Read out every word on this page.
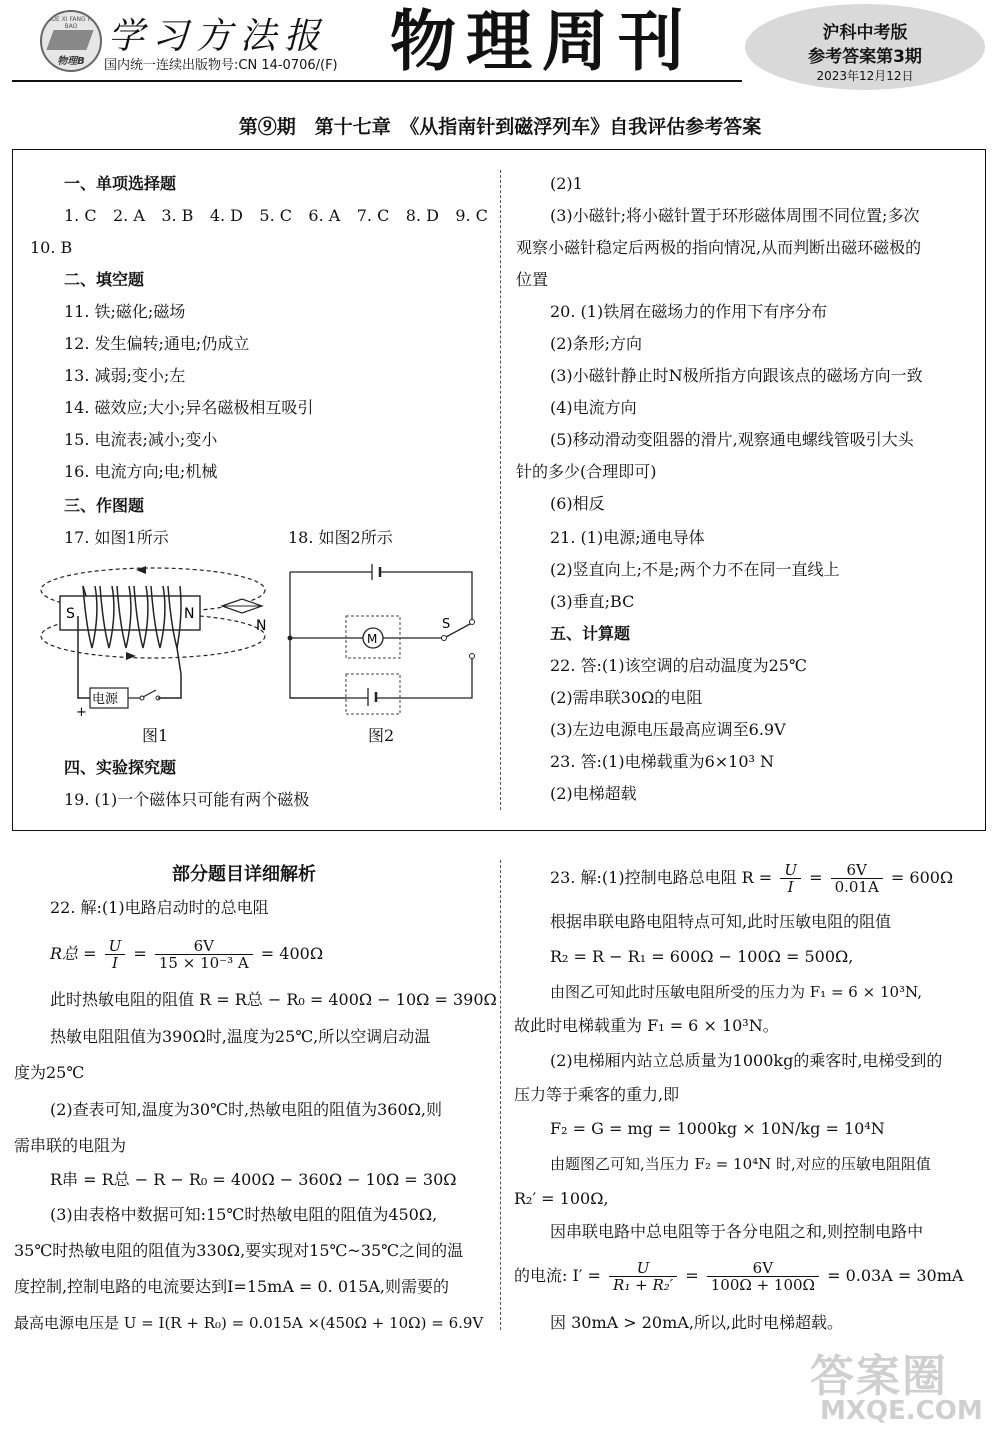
XUE XI FANG FA BAO
物理B
学习方法报
国内统一连续出版物号:CN 14-0706/(F) 物理周刊	沪科中考版
参考答案第3期
2023年12月12日
第⑨期　第十七章　《从指南针到磁浮列车》自我评估参考答案
一、单项选择题
1. C 2. A 3. B 4. D 5. C 6. A 7. C 8. D 9. C
10. B
二、填空题
11. 铁;磁化;磁场
12. 发生偏转;通电;仍成立
13. 减弱;变小;左
14. 磁效应;大小;异名磁极相互吸引
15. 电流表;减小;变小
16. 电流方向;电;机械
三、作图题
17. 如图1所示	18. 如图2所示
S	N
电源
+
N
图1
M
S
图2
四、实验探究题
19. (1)一个磁体只可能有两个磁极
(2)1
(3)小磁针;将小磁针置于环形磁体周围不同位置;多次
观察小磁针稳定后两极的指向情况,从而判断出磁环磁极的
位置
20. (1)铁屑在磁场力的作用下有序分布
(2)条形;方向
(3)小磁针静止时N极所指方向跟该点的磁场方向一致
(4)电流方向
(5)移动滑动变阻器的滑片,观察通电螺线管吸引大头
针的多少(合理即可)
(6)相反
21. (1)电源;通电导体
(2)竖直向上;不是;两个力不在同一直线上
(3)垂直;BC
五、计算题
22. 答:(1)该空调的启动温度为25℃
(2)需串联30Ω的电阻
(3)左边电源电压最高应调至6.9V
23. 答:(1)电梯载重为6×10³ N
(2)电梯超载
部分题目详细解析
22. 解:(1)电路启动时的总电阻
R总 = $\frac{U}{I} = \frac{6V}{\text{15 × 10⁻³ A}} = 400\Omega$
此时热敏电阻的阻值 R = R总 − R₀ = 400Ω − 10Ω = 390Ω
热敏电阻阻值为390Ω时,温度为25℃,所以空调启动温
度为25℃
(2)查表可知,温度为30℃时,热敏电阻的阻值为360Ω,则
需串联的电阻为
R串 = R总 − R − R₀ = 400Ω − 360Ω − 10Ω = 30Ω
(3)由表格中数据可知:15℃时热敏电阻的阻值为450Ω,
35℃时热敏电阻的阻值为330Ω,要实现对15℃~35℃之间的温
度控制,控制电路的电流要达到I=15mA = 0. 015A,则需要的
最高电源电压是 U = I(R + R₀) = 0.015A ×(450Ω + 10Ω) = 6.9V
23. 解:(1)控制电路总电阻 $R = \frac{U}{I} = \frac{6V}{0.01A} = 600\Omega$
根据串联电路电阻特点可知,此时压敏电阻的阻值
R₂ = R − R₁ = 600Ω − 100Ω = 500Ω,
由图乙可知此时压敏电阻所受的压力为 F₁ = 6 × 10³N,
故此时电梯载重为 F₁ = 6 × 10³N。
(2)电梯厢内站立总质量为1000kg的乘客时,电梯受到的
压力等于乘客的重力,即
F₂ = G = mg = 1000kg × 10N/kg = 10⁴N
由题图乙可知,当压力 F₂ = 10⁴N 时,对应的压敏电阻阻值
R₂′ = 100Ω,
因串联电路中总电阻等于各分电阻之和,则控制电路中
的电流: $I' = \frac{U}{\text{R₁ + R₂′}} = \frac{6V}{100\Omega + 100\Omega} = 0.03A = 30mA$
因 30mA > 20mA,所以,此时电梯超载。
答案圈
MXQE.COM
